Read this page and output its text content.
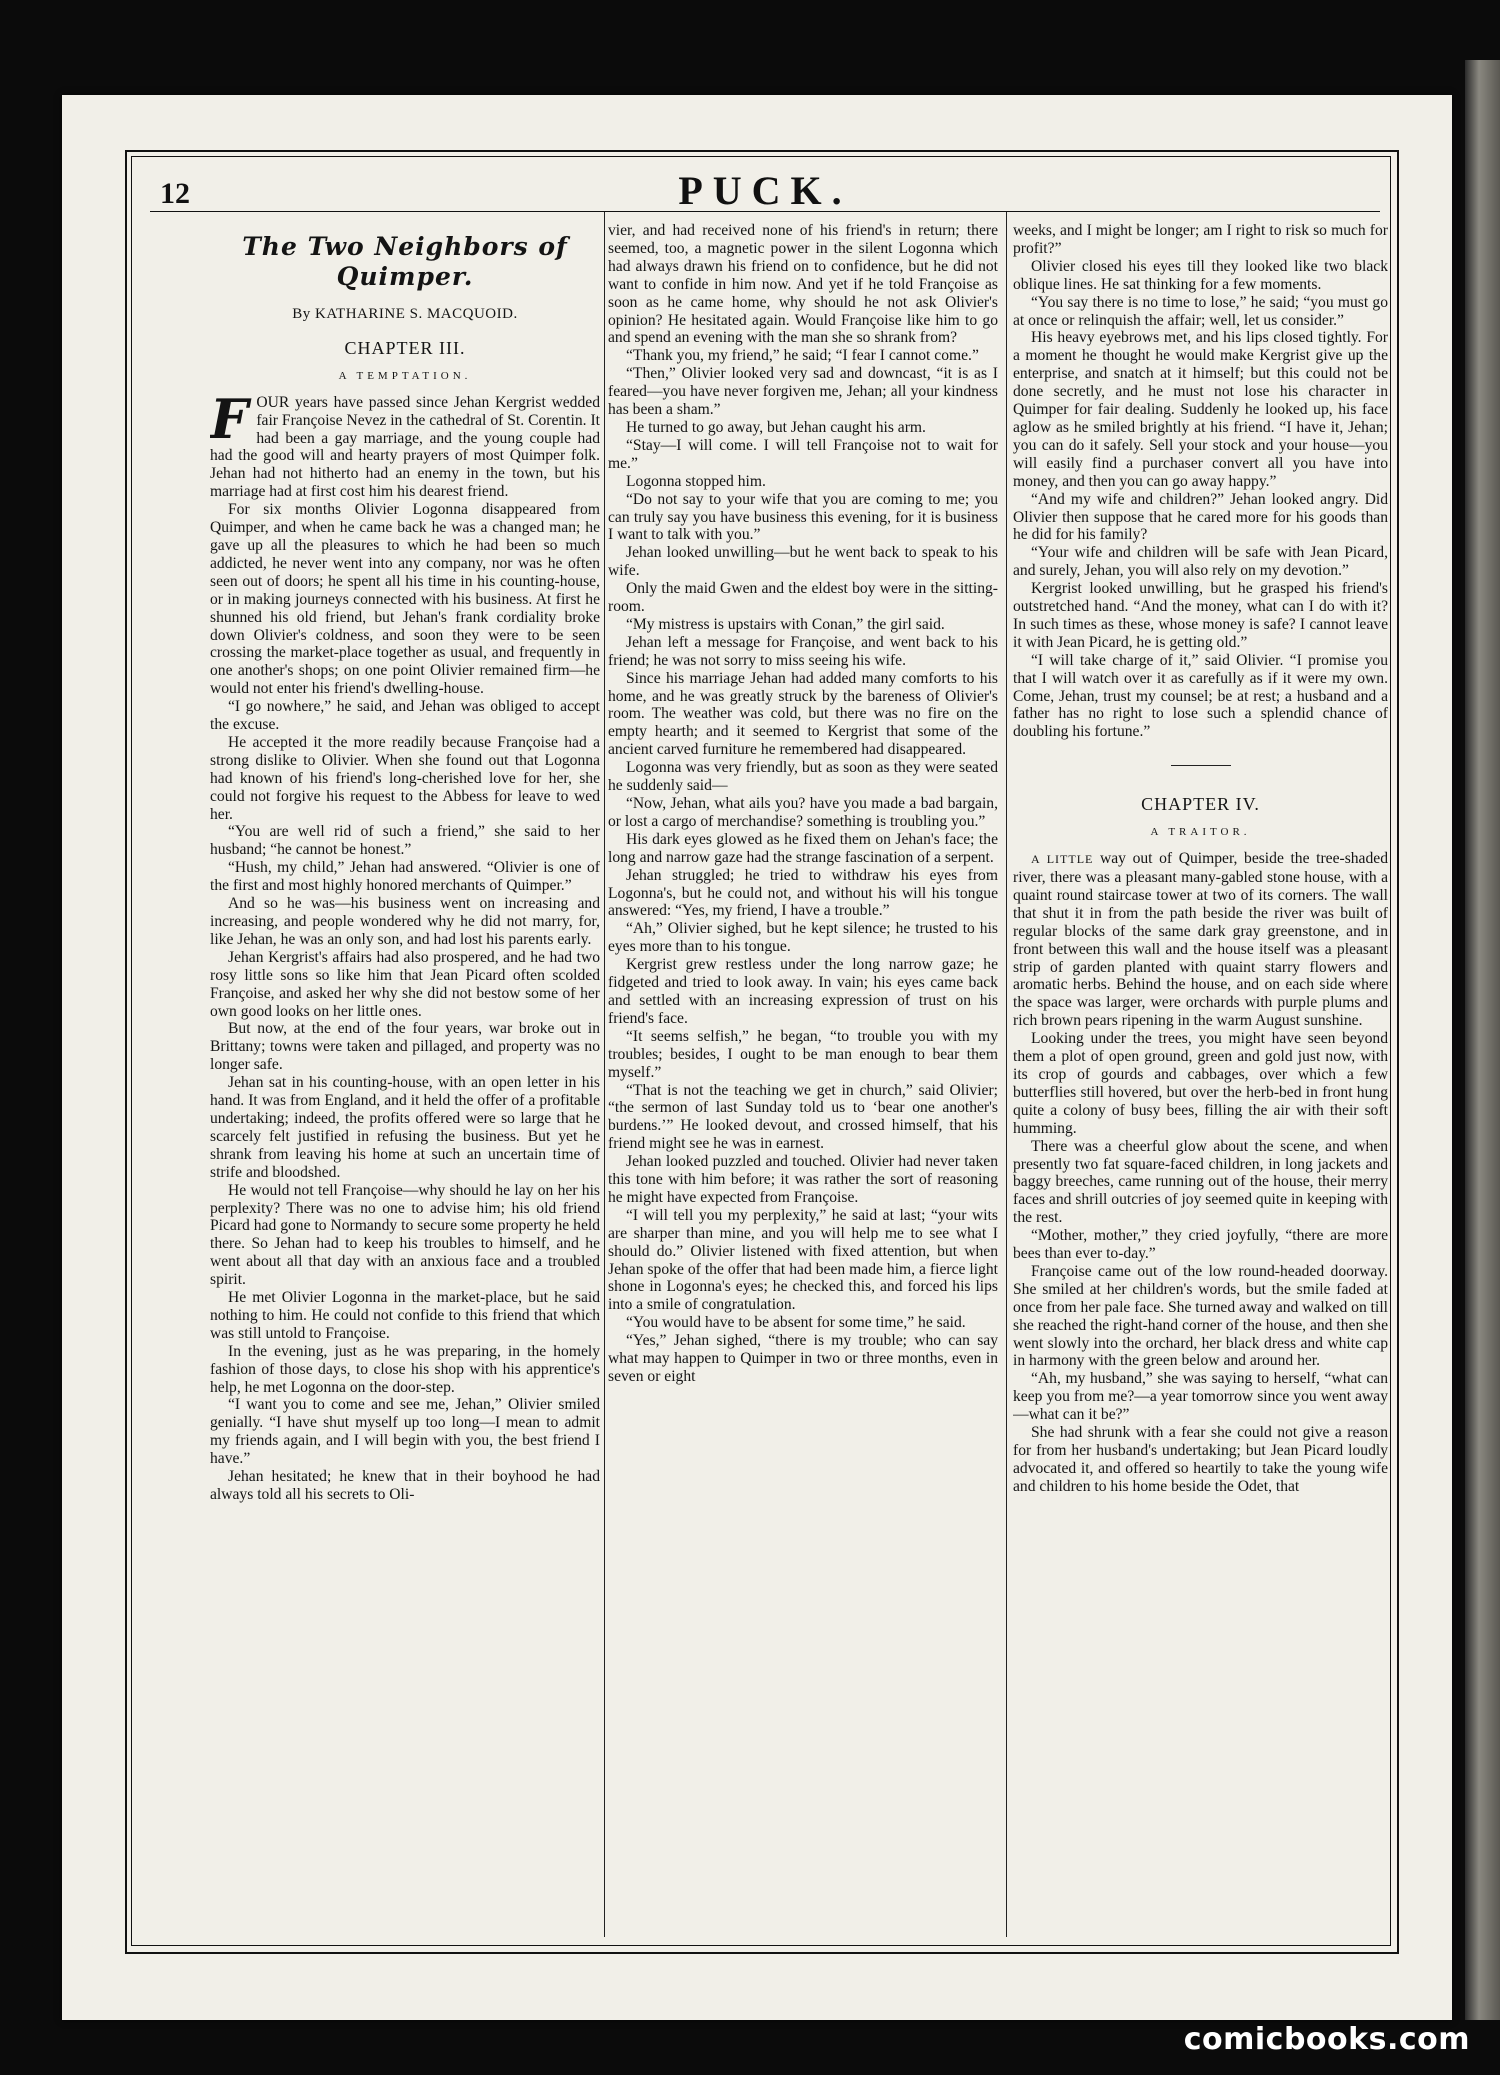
12	PUCK.
The Two Neighbors of Quimper.
By KATHARINE S. MACQUOID.
CHAPTER III.
A TEMPTATION.

FOUR years have passed since Jehan Kergrist wedded fair Françoise Nevez in the cathedral of St. Corentin. It had been a gay marriage, and the young couple had had the good will and hearty prayers of most Quimper folk. Jehan had not hitherto had an enemy in the town, but his marriage had at first cost him his dearest friend.

For six months Olivier Logonna disappeared from Quimper, and when he came back he was a changed man; he gave up all the pleasures to which he had been so much addicted, he never went into any company, nor was he often seen out of doors; he spent all his time in his counting-house, or in making journeys connected with his business. At first he shunned his old friend, but Jehan's frank cordiality broke down Olivier's coldness, and soon they were to be seen crossing the market-place together as usual, and frequently in one another's shops; on one point Olivier remained firm—he would not enter his friend's dwelling-house.

“I go nowhere,” he said, and Jehan was obliged to accept the excuse.

He accepted it the more readily because Françoise had a strong dislike to Olivier. When she found out that Logonna had known of his friend's long-cherished love for her, she could not forgive his request to the Abbess for leave to wed her.

“You are well rid of such a friend,” she said to her husband; “he cannot be honest.”

“Hush, my child,” Jehan had answered. “Olivier is one of the first and most highly honored merchants of Quimper.”

And so he was—his business went on increasing and increasing, and people wondered why he did not marry, for, like Jehan, he was an only son, and had lost his parents early.

Jehan Kergrist's affairs had also prospered, and he had two rosy little sons so like him that Jean Picard often scolded Françoise, and asked her why she did not bestow some of her own good looks on her little ones.

But now, at the end of the four years, war broke out in Brittany; towns were taken and pillaged, and property was no longer safe.

Jehan sat in his counting-house, with an open letter in his hand. It was from England, and it held the offer of a profitable undertaking; indeed, the profits offered were so large that he scarcely felt justified in refusing the business. But yet he shrank from leaving his home at such an uncertain time of strife and bloodshed.

He would not tell Françoise—why should he lay on her his perplexity? There was no one to advise him; his old friend Picard had gone to Normandy to secure some property he held there. So Jehan had to keep his troubles to himself, and he went about all that day with an anxious face and a troubled spirit.

He met Olivier Logonna in the market-place, but he said nothing to him. He could not confide to this friend that which was still untold to Françoise.

In the evening, just as he was preparing, in the homely fashion of those days, to close his shop with his apprentice's help, he met Logonna on the door-step.

“I want you to come and see me, Jehan,” Olivier smiled genially. “I have shut myself up too long—I mean to admit my friends again, and I will begin with you, the best friend I have.”

Jehan hesitated; he knew that in their boyhood he had always told all his secrets to Oli-

vier, and had received none of his friend's in return; there seemed, too, a magnetic power in the silent Logonna which had always drawn his friend on to confidence, but he did not want to confide in him now. And yet if he told Françoise as soon as he came home, why should he not ask Olivier's opinion? He hesitated again. Would Françoise like him to go and spend an evening with the man she so shrank from?

“Thank you, my friend,” he said; “I fear I cannot come.”

“Then,” Olivier looked very sad and downcast, “it is as I feared—you have never forgiven me, Jehan; all your kindness has been a sham.”

He turned to go away, but Jehan caught his arm.

“Stay—I will come. I will tell Françoise not to wait for me.”

Logonna stopped him.

“Do not say to your wife that you are coming to me; you can truly say you have business this evening, for it is business I want to talk with you.”

Jehan looked unwilling—but he went back to speak to his wife.

Only the maid Gwen and the eldest boy were in the sitting-room.

“My mistress is upstairs with Conan,” the girl said.

Jehan left a message for Françoise, and went back to his friend; he was not sorry to miss seeing his wife.

Since his marriage Jehan had added many comforts to his home, and he was greatly struck by the bareness of Olivier's room. The weather was cold, but there was no fire on the empty hearth; and it seemed to Kergrist that some of the ancient carved furniture he remembered had disappeared.

Logonna was very friendly, but as soon as they were seated he suddenly said—

“Now, Jehan, what ails you? have you made a bad bargain, or lost a cargo of merchandise? something is troubling you.”

His dark eyes glowed as he fixed them on Jehan's face; the long and narrow gaze had the strange fascination of a serpent.

Jehan struggled; he tried to withdraw his eyes from Logonna's, but he could not, and without his will his tongue answered: “Yes, my friend, I have a trouble.”

“Ah,” Olivier sighed, but he kept silence; he trusted to his eyes more than to his tongue.

Kergrist grew restless under the long narrow gaze; he fidgeted and tried to look away. In vain; his eyes came back and settled with an increasing expression of trust on his friend's face.

“It seems selfish,” he began, “to trouble you with my troubles; besides, I ought to be man enough to bear them myself.”

“That is not the teaching we get in church,” said Olivier; “the sermon of last Sunday told us to ‘bear one another's burdens.’” He looked devout, and crossed himself, that his friend might see he was in earnest.

Jehan looked puzzled and touched. Olivier had never taken this tone with him before; it was rather the sort of reasoning he might have expected from Françoise.

“I will tell you my perplexity,” he said at last; “your wits are sharper than mine, and you will help me to see what I should do.” Olivier listened with fixed attention, but when Jehan spoke of the offer that had been made him, a fierce light shone in Logonna's eyes; he checked this, and forced his lips into a smile of congratulation.

“You would have to be absent for some time,” he said.

“Yes,” Jehan sighed, “there is my trouble; who can say what may happen to Quimper in two or three months, even in seven or eight

weeks, and I might be longer; am I right to risk so much for profit?”

Olivier closed his eyes till they looked like two black oblique lines. He sat thinking for a few moments.

“You say there is no time to lose,” he said; “you must go at once or relinquish the affair; well, let us consider.”

His heavy eyebrows met, and his lips closed tightly. For a moment he thought he would make Kergrist give up the enterprise, and snatch at it himself; but this could not be done secretly, and he must not lose his character in Quimper for fair dealing. Suddenly he looked up, his face aglow as he smiled brightly at his friend. “I have it, Jehan; you can do it safely. Sell your stock and your house—you will easily find a purchaser convert all you have into money, and then you can go away happy.”

“And my wife and children?” Jehan looked angry. Did Olivier then suppose that he cared more for his goods than he did for his family?

“Your wife and children will be safe with Jean Picard, and surely, Jehan, you will also rely on my devotion.”

Kergrist looked unwilling, but he grasped his friend's outstretched hand. “And the money, what can I do with it? In such times as these, whose money is safe? I cannot leave it with Jean Picard, he is getting old.”

“I will take charge of it,” said Olivier. “I promise you that I will watch over it as carefully as if it were my own. Come, Jehan, trust my counsel; be at rest; a husband and a father has no right to lose such a splendid chance of doubling his fortune.”

CHAPTER IV.
A TRAITOR.

A LITTLE way out of Quimper, beside the tree-shaded river, there was a pleasant many-gabled stone house, with a quaint round staircase tower at two of its corners. The wall that shut it in from the path beside the river was built of regular blocks of the same dark gray greenstone, and in front between this wall and the house itself was a pleasant strip of garden planted with quaint starry flowers and aromatic herbs. Behind the house, and on each side where the space was larger, were orchards with purple plums and rich brown pears ripening in the warm August sunshine.

Looking under the trees, you might have seen beyond them a plot of open ground, green and gold just now, with its crop of gourds and cabbages, over which a few butterflies still hovered, but over the herb-bed in front hung quite a colony of busy bees, filling the air with their soft humming.

There was a cheerful glow about the scene, and when presently two fat square-faced children, in long jackets and baggy breeches, came running out of the house, their merry faces and shrill outcries of joy seemed quite in keeping with the rest.

“Mother, mother,” they cried joyfully, “there are more bees than ever to-day.”

Françoise came out of the low round-headed doorway. She smiled at her children's words, but the smile faded at once from her pale face. She turned away and walked on till she reached the right-hand corner of the house, and then she went slowly into the orchard, her black dress and white cap in harmony with the green below and around her.

“Ah, my husband,” she was saying to herself, “what can keep you from me?—a year tomorrow since you went away—what can it be?”

She had shrunk with a fear she could not give a reason for from her husband's undertaking; but Jean Picard loudly advocated it, and offered so heartily to take the young wife and children to his home beside the Odet, that

comicbooks.com
